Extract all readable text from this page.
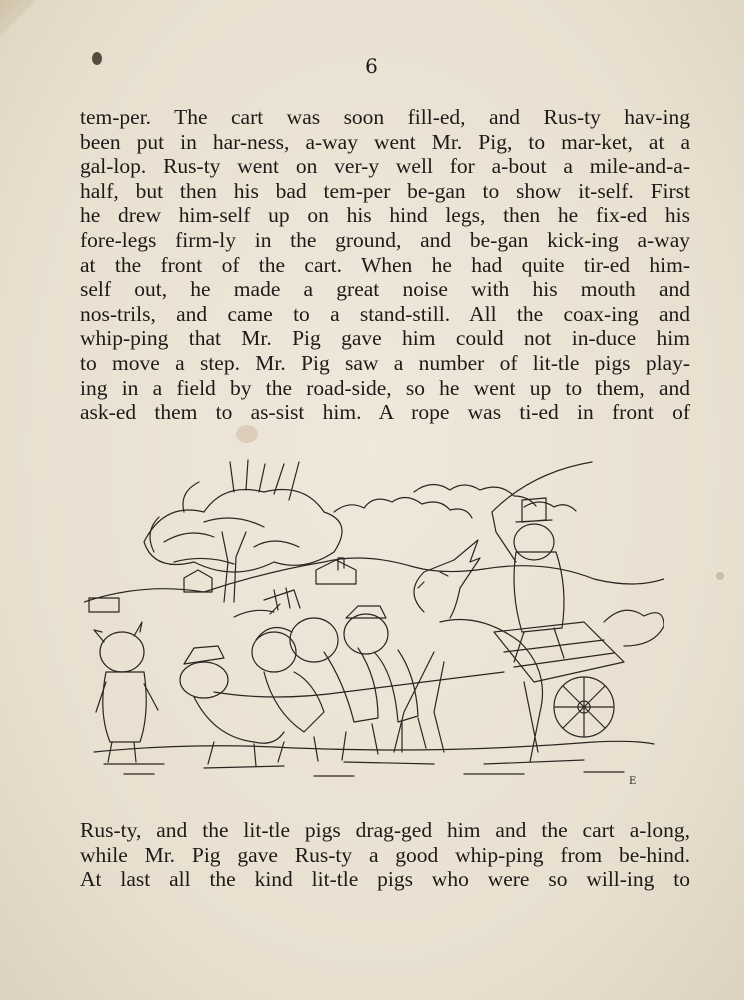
6
tem-per. The cart was soon fill-ed, and Rus-ty hav-ing
been put in har-ness, a-way went Mr. Pig, to mar-ket, at a
gal-lop. Rus-ty went on ver-y well for a-bout a mile-and-a-
half, but then his bad tem-per be-gan to show it-self. First
he drew him-self up on his hind legs, then he fix-ed his
fore-legs firm-ly in the ground, and be-gan kick-ing a-way
at the front of the cart. When he had quite tir-ed him-
self out, he made a great noise with his mouth and
nos-trils, and came to a stand-still. All the coax-ing and
whip-ping that Mr. Pig gave him could not in-duce him
to move a step. Mr. Pig saw a number of lit-tle pigs play-
ing in a field by the road-side, so he went up to them, and
ask-ed them to as-sist him. A rope was ti-ed in front of
E
Rus-ty, and the lit-tle pigs drag-ged him and the cart a-long,
while Mr. Pig gave Rus-ty a good whip-ping from be-hind.
At last all the kind lit-tle pigs who were so will-ing to
